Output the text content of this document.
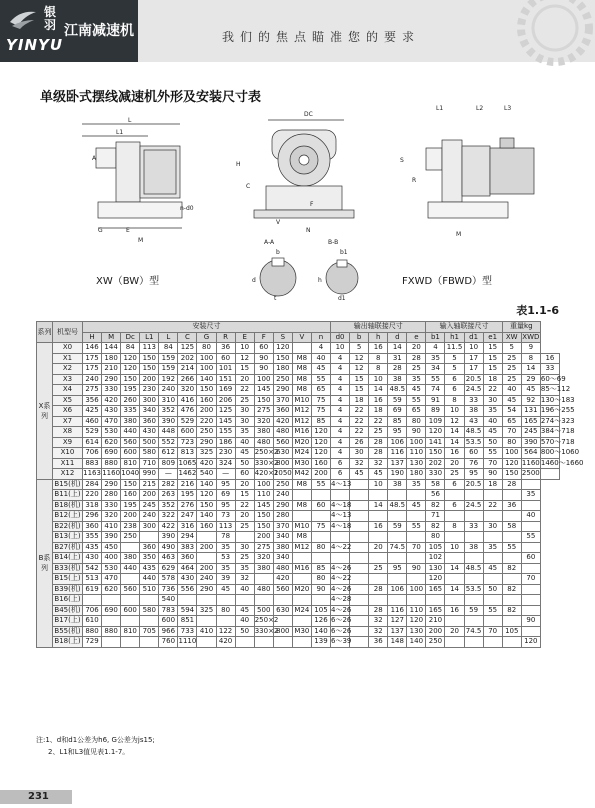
银羽
YINYU
江南减速机	我们的焦点瞄准您的要求
单级卧式摆线减速机外形及安装尺寸表
L
L1
A
G	E
M
n-d0
DC
H
C
F
V
N
L1	L2	L3
S
R
M
A-A
d
t
b
B-B
h
d1
b1
XW（BW）型	FXWD（FBWD）型
表1.1-6
系列	机型号	安装尺寸													输出轴联接尺寸					输入轴联接尺寸				重量kg		
		H	M	Dc	L1	L	C	G	R	E	F	S	V	n	d0	b	h	d	e	b1	h1	d1	e1	XW	XWD	
X系列	X0	146	144	84	113	84	125	80	36	10	60	120		4	10	5	16	14	20	4	11.5	10	15	5	9	
	X1	175	180	120	150	159	202	100	60	12	90	150	M8	40	4	12	8	31	28	35	5	17	15	25	8	16
	X2	175	210	120	150	159	214	100	101	15	90	180	M8	45	4	12	8	28	25	34	5	17	15	25	14	33
	X3	240	290	150	200	192	266	140	151	20	100	250	M8	55	4	15	10	38	35	55	6	20.5	18	25	29	60～69
	X4	275	330	195	230	240	320	150	169	22	145	290	M8	65	4	15	14	48.5	45	74	6	24.5	22	40	45	85～112
	X5	356	420	260	300	310	416	160	206	25	150	370	M10	75	4	18	16	59	55	91	8	33	30	45	92	130～183
	X6	425	430	335	340	352	476	200	125	30	275	360	M12	75	4	22	18	69	65	89	10	38	35	54	131	196～255
	X7	460	470	380	360	390	529	220	145	30	320	420	M12	85	4	22	22	85	80	109	12	43	40	65	165	274～323
	X8	529	530	440	430	448	600	250	155	35	380	480	M16	120	4	22	25	95	90	120	14	48.5	45	70	245	384～718
	X9	614	620	560	500	552	723	290	186	40	480	560	M20	120	4	26	28	106	100	141	14	53.5	50	80	390	570～718
	X10	706	690	600	580	612	813	325	230	45	250×2	630	M24	120	4	30	28	116	110	150	16	60	55	100	564	800～1060
	X11	883	880	810	710	809	1065	420	324	50	330×2	800	M30	160	6	32	32	137	130	202	20	76	70	120	1160	1460～1660
	X12	1163	1160	1040	990	—	1462	540	—	60	420×2	1050	M42	200	6	45	45	190	180	330	25	95	90	150	2500	
B系列	B15(机)	284	290	150	215	282	216	140	95	20	100	250	M8	55	4～13		10	38	35	58	6	20.5	18	28		
	B11(上)	220	280	160	200	263	195	120	69	15	110	240								56					35	
	B18(机)	318	330	195	245	352	276	150	95	22	145	290	M8	60	4～18		14	48.5	45	82	6	24.5	22	36		
	B12(上)	296	320	200	240	322	247	140	73	20	150	280			4～13					71					40	
	B22(机)	360	410	238	300	422	316	160	113	25	150	370	M10	75	4～18		16	59	55	82	8	33	30	58		
	B13(上)	355	390	250		390	294		78		200	340	M8							80					55	
	B27(机)	435	450		360	490	383	200	35	30	275	380	M12	80	4～22		20	74.5	70	105	10	38	35	55		
	B14(上)	430	400	380	350	463	360		53	25	320	340								102					60	
	B33(机)	542	530	440	435	629	464	200	35	35	380	480	M16	85	4～26		25	95	90	130	14	48.5	45	82		
	B15(上)	513	470		440	578	430	240	39	32		420		80	4～22					120					70	
	B39(机)	619	620	560	510	736	556	290	45	40	480	560	M20	90	4～26		28	106	100	165	14	53.5	50	82		
	B16(上)					540									4～28											
	B45(机)	706	690	600	580	783	594	325	80	45	500	630	M24	105	4～26		28	116	110	165	16	59	55	82		
	B17(上)	610				600	851			40	250×2			126	6～26		32	127	120	210					90	
	B55(机)	880	880	810	705	966	733	410	122	50	330×2	800	M30	140	6～26		32	137	130	200	20	74.5	70	105		
	B18(上)	729				760	1110		420					139	6～39		36	148	140	250					120	
注:1、d和d1公差为h6, G公差为js15;
2、L1和L3值见表1.1-7。
231
